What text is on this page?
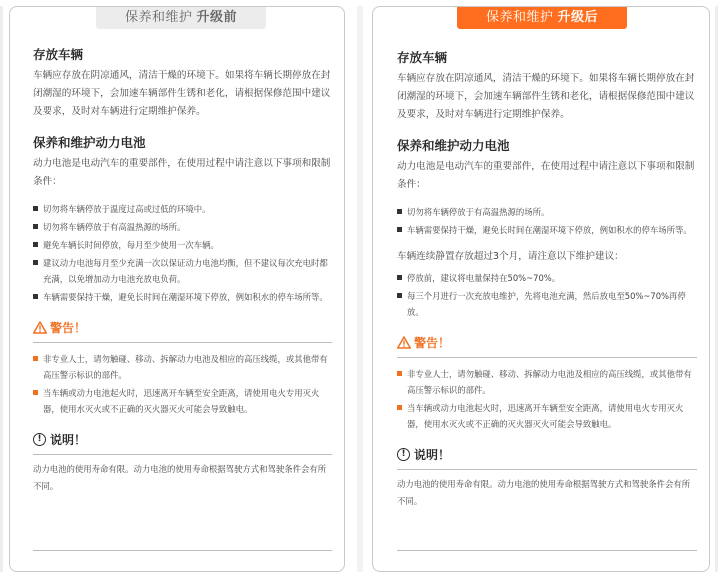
保养和维护 升级前
存放车辆

车辆应存放在阴凉通风，清洁干燥的环境下。如果将车辆长期停放在封闭潮湿的环境下，会加速车辆部件生锈和老化，请根据保修范围中建议及要求，及时对车辆进行定期维护保养。

保养和维护动力电池

动力电池是电动汽车的重要部件，在使用过程中请注意以下事项和限制条件：

切勿将车辆停放于温度过高或过低的环境中。
切勿将车辆停放于有高温热源的场所。
避免车辆长时间停放，每月至少使用一次车辆。
建议动力电池每月至少充满一次以保证动力电池均衡，但不建议每次充电时都充满，以免增加动力电池充放电负荷。
车辆需要保持干燥，避免长时间在潮湿环境下停放，例如积水的停车场所等。
警告！
非专业人士，请勿触碰、移动、拆解动力电池及相应的高压线缆，或其他带有高压警示标识的部件。
当车辆或动力电池起火时，迅速离开车辆至安全距离，请使用电火专用灭火器，使用水灭火或不正确的灭火器灭火可能会导致触电。
! 说明！

动力电池的使用寿命有限。动力电池的使用寿命根据驾驶方式和驾驶条件会有所不同。

保养和维护 升级后
存放车辆

车辆应存放在阴凉通风，清洁干燥的环境下。如果将车辆长期停放在封闭潮湿的环境下，会加速车辆部件生锈和老化，请根据保修范围中建议及要求，及时对车辆进行定期维护保养。

保养和维护动力电池

动力电池是电动汽车的重要部件，在使用过程中请注意以下事项和限制条件：

切勿将车辆停放于有高温热源的场所。
车辆需要保持干燥，避免长时间在潮湿环境下停放，例如积水的停车场所等。

车辆连续静置存放超过3个月，请注意以下维护建议：

停放前，建议将电量保持在50%~70%。
每三个月进行一次充放电维护，先将电池充满，然后放电至50%~70%再停放。
警告！
非专业人士，请勿触碰、移动、拆解动力电池及相应的高压线缆，或其他带有高压警示标识的部件。
当车辆或动力电池起火时，迅速离开车辆至安全距离，请使用电火专用灭火器，使用水灭火或不正确的灭火器灭火可能会导致触电。
! 说明！

动力电池的使用寿命有限。动力电池的使用寿命根据驾驶方式和驾驶条件会有所不同。
